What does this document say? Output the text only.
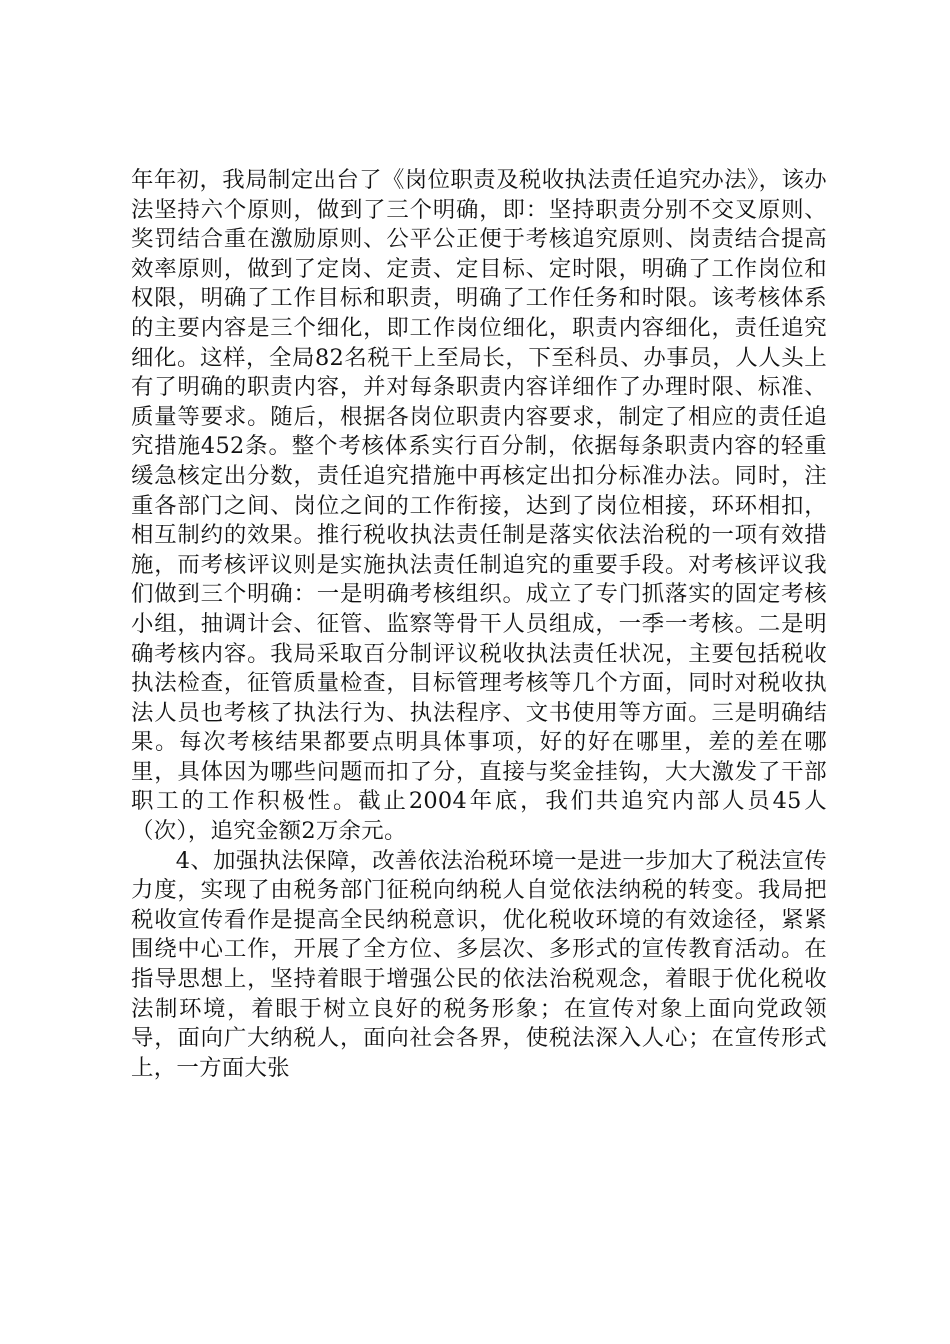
年年初，我局制定出台了《岗位职责及税收执法责任追究办法》，该办法坚持六个原则，做到了三个明确，即：坚持职责分别不交叉原则、奖罚结合重在激励原则、公平公正便于考核追究原则、岗责结合提高效率原则，做到了定岗、定责、定目标、定时限，明确了工作岗位和权限，明确了工作目标和职责，明确了工作任务和时限。该考核体系的主要内容是三个细化，即工作岗位细化，职责内容细化，责任追究细化。这样，全局82名税干上至局长，下至科员、办事员，人人头上有了明确的职责内容，并对每条职责内容详细作了办理时限、标准、质量等要求。随后，根据各岗位职责内容要求，制定了相应的责任追究措施452条。整个考核体系实行百分制，依据每条职责内容的轻重缓急核定出分数，责任追究措施中再核定出扣分标准办法。同时，注重各部门之间、岗位之间的工作衔接，达到了岗位相接，环环相扣，相互制约的效果。推行税收执法责任制是落实依法治税的一项有效措施，而考核评议则是实施执法责任制追究的重要手段。对考核评议我们做到三个明确：一是明确考核组织。成立了专门抓落实的固定考核小组，抽调计会、征管、监察等骨干人员组成，一季一考核。二是明确考核内容。我局采取百分制评议税收执法责任状况，主要包括税收执法检查，征管质量检查，目标管理考核等几个方面，同时对税收执法人员也考核了执法行为、执法程序、文书使用等方面。三是明确结果。每次考核结果都要点明具体事项，好的好在哪里，差的差在哪里，具体因为哪些问题而扣了分，直接与奖金挂钩，大大激发了干部职工的工作积极性。截止2004年底，我们共追究内部人员45人（次），追究金额2万余元。

4、加强执法保障，改善依法治税环境一是进一步加大了税法宣传力度，实现了由税务部门征税向纳税人自觉依法纳税的转变。我局把税收宣传看作是提高全民纳税意识，优化税收环境的有效途径，紧紧围绕中心工作，开展了全方位、多层次、多形式的宣传教育活动。在指导思想上，坚持着眼于增强公民的依法治税观念，着眼于优化税收法制环境，着眼于树立良好的税务形象；在宣传对象上面向党政领导，面向广大纳税人，面向社会各界，使税法深入人心；在宣传形式上，一方面大张
